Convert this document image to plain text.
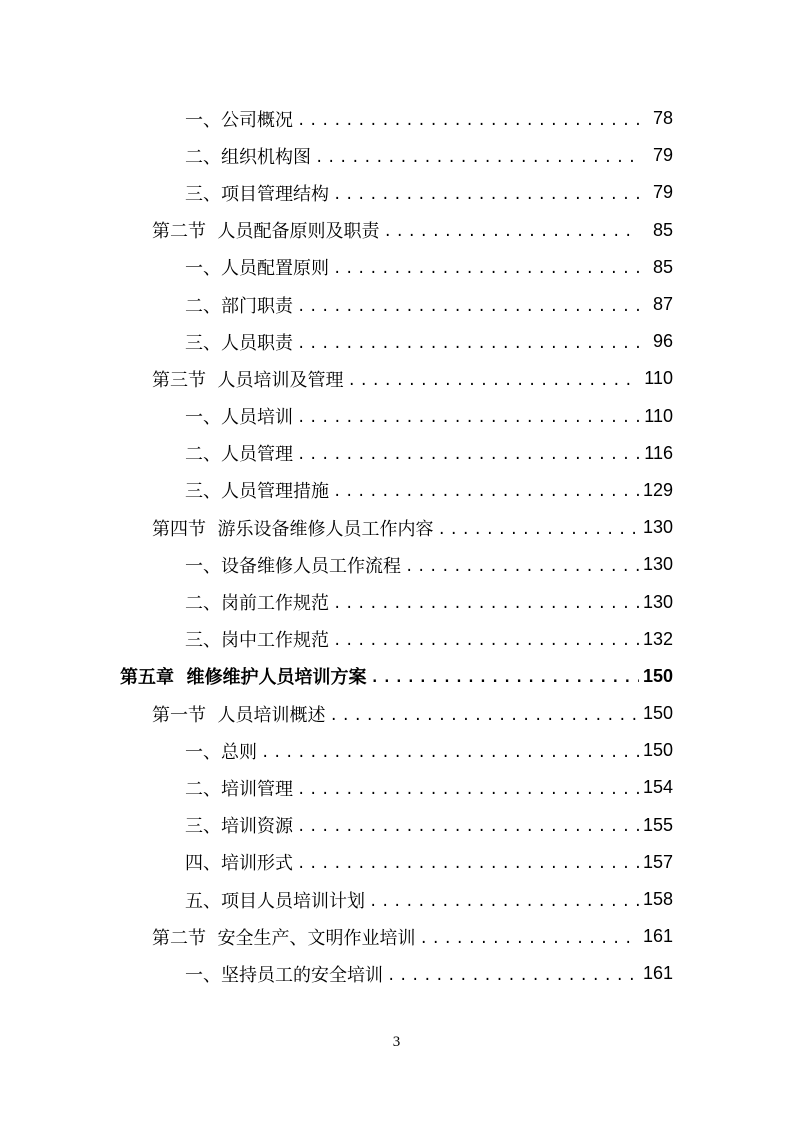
一、公司概况 .....	78
二、组织机构图 .....	79
三、项目管理结构 .....	79
第二节  人员配备原则及职责 .....	85
一、人员配置原则 .....	85
二、部门职责 .....	87
三、人员职责 .....	96
第三节  人员培训及管理 .....	110
一、人员培训 .....	110
二、人员管理 .....	116
三、人员管理措施 .....	129
第四节  游乐设备维修人员工作内容 .....	130
一、设备维修人员工作流程 .....	130
二、岗前工作规范 .....	130
三、岗中工作规范 .....	132
第五章  维修维护人员培训方案 .....	150
第一节  人员培训概述 .....	150
一、总则 .....	150
二、培训管理 .....	154
三、培训资源 .....	155
四、培训形式 .....	157
五、项目人员培训计划 .....	158
第二节  安全生产、文明作业培训 .....	161
一、坚持员工的安全培训 .....	161
3
